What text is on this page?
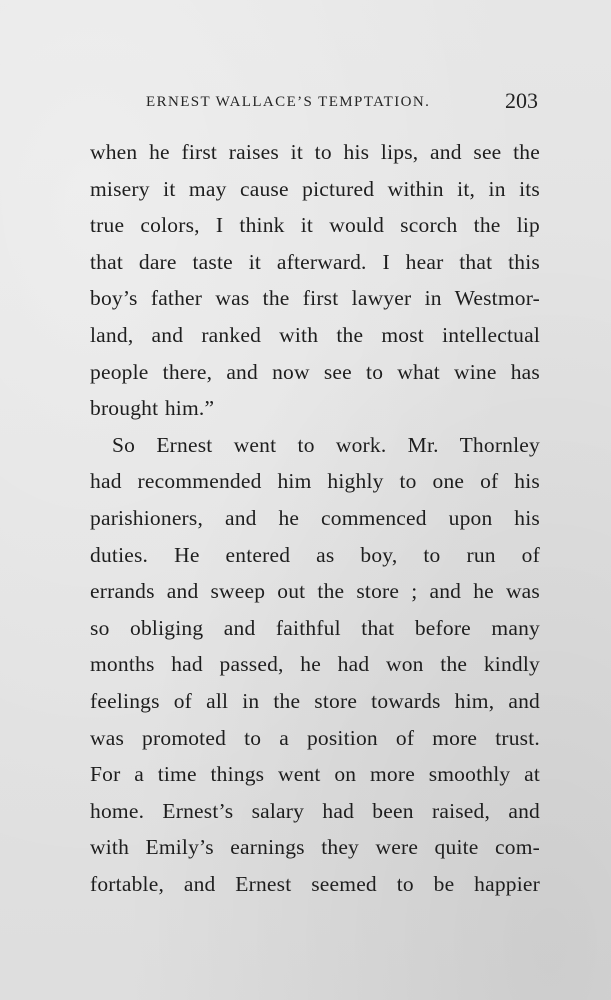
ERNEST WALLACE’S TEMPTATION.	203
when he first raises it to his lips, and see the
misery it may cause pictured within it, in its
true colors, I think it would scorch the lip
that dare taste it afterward. I hear that this
boy’s father was the first lawyer in Westmor-
land, and ranked with the most intellectual
people there, and now see to what wine has
brought him.”
So Ernest went to work. Mr. Thornley
had recommended him highly to one of his
parishioners, and he commenced upon his
duties. He entered as boy, to run of
errands and sweep out the store ; and he was
so obliging and faithful that before many
months had passed, he had won the kindly
feelings of all in the store towards him, and
was promoted to a position of more trust.
For a time things went on more smoothly at
home. Ernest’s salary had been raised, and
with Emily’s earnings they were quite com-
fortable, and Ernest seemed to be happier
